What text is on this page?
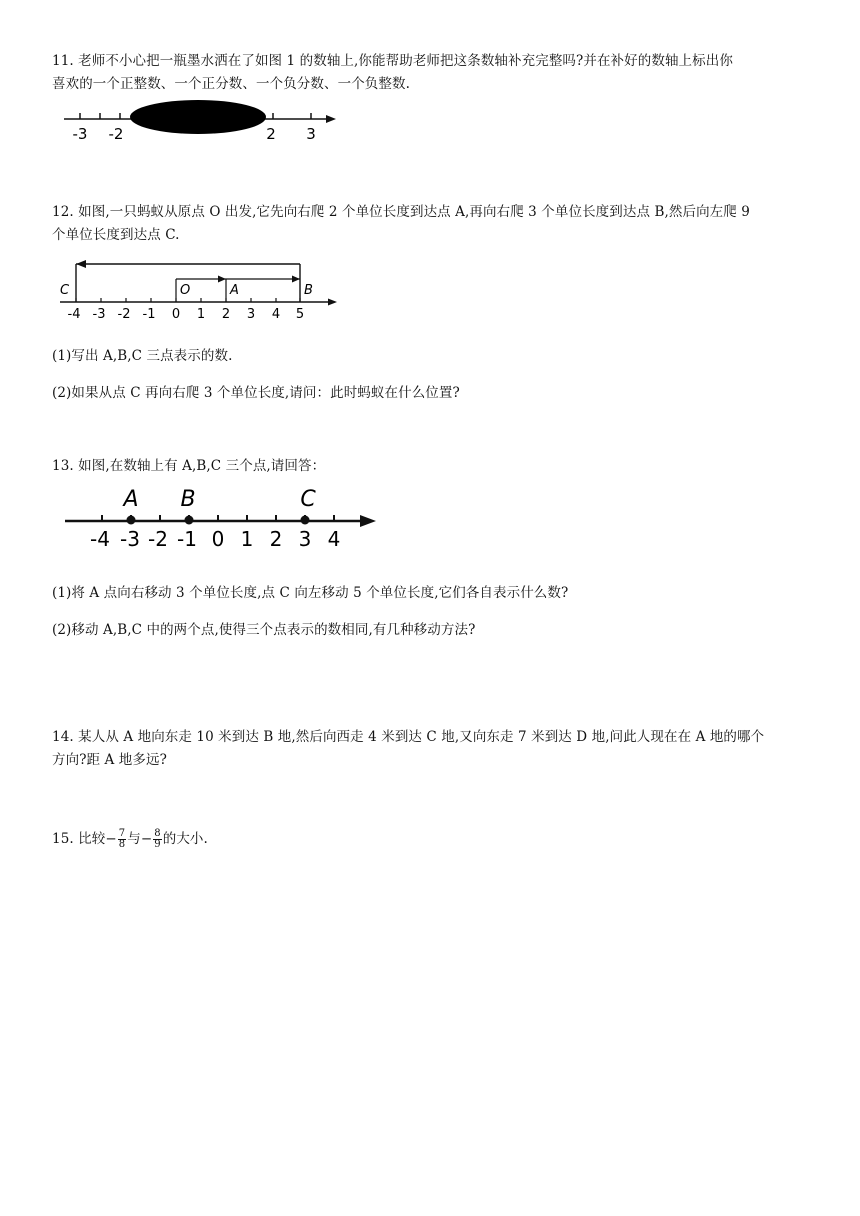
11. 老师不小心把一瓶墨水洒在了如图 1 的数轴上,你能帮助老师把这条数轴补充完整吗?并在补好的数轴上标出你
喜欢的一个正整数、一个正分数、一个负分数、一个负整数.
-3 -2	2 3
12. 如图,一只蚂蚁从原点 O 出发,它先向右爬 2 个单位长度到达点 A,再向右爬 3 个单位长度到达点 B,然后向左爬 9
个单位长度到达点 C.
-4 -3 -2 -1 0 1 2 3 4 5
C	O	A	B
(1)写出 A,B,C 三点表示的数.
(2)如果从点 C 再向右爬 3 个单位长度,请问：此时蚂蚁在什么位置?
13. 如图,在数轴上有 A,B,C 三个点,请回答：
A B	C
-4 -3 -2 -1 0 1 2 3 4
(1)将 A 点向右移动 3 个单位长度,点 C 向左移动 5 个单位长度,它们各自表示什么数?
(2)移动 A,B,C 中的两个点,使得三个点表示的数相同,有几种移动方法?
14. 某人从 A 地向东走 10 米到达 B 地,然后向西走 4 米到达 C 地,又向东走 7 米到达 D 地,问此人现在在 A 地的哪个
方向?距 A 地多远?
15. 比较− $\frac{7}{8}$ 与− $\frac{8}{9}$ 的大小.
